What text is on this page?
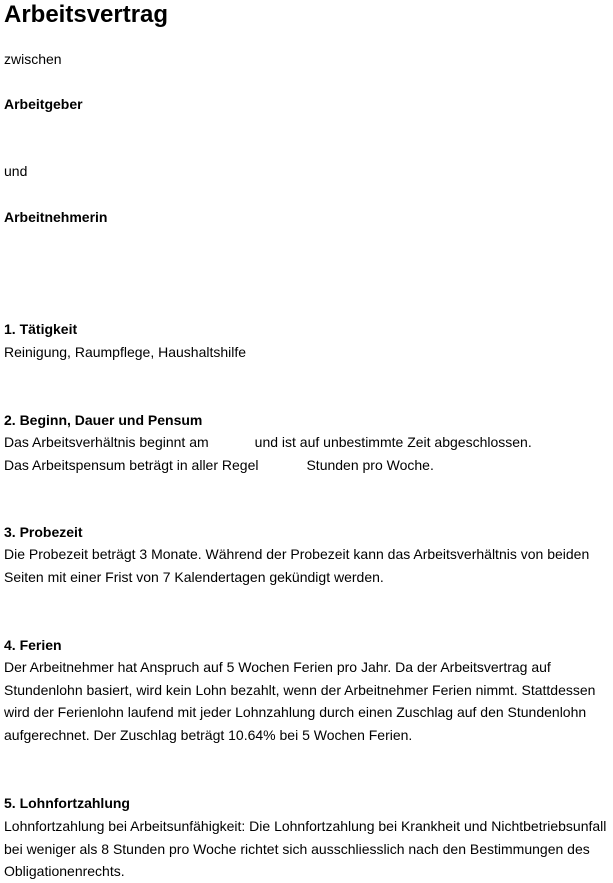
Arbeitsvertrag
zwischen
Arbeitgeber
und
Arbeitnehmerin
1. Tätigkeit
Reinigung, Raumpflege, Haushaltshilfe
2. Beginn, Dauer und Pensum
Das Arbeitsverhältnis beginnt am	und ist auf unbestimmte Zeit abgeschlossen.
Das Arbeitspensum beträgt in aller Regel	Stunden pro Woche.
3. Probezeit

Die Probezeit beträgt 3 Monate. Während der Probezeit kann das Arbeitsverhältnis von beiden Seiten mit einer Frist von 7 Kalendertagen gekündigt werden.

4. Ferien

Der Arbeitnehmer hat Anspruch auf 5 Wochen Ferien pro Jahr. Da der Arbeitsvertrag auf Stundenlohn basiert, wird kein Lohn bezahlt, wenn der Arbeitnehmer Ferien nimmt. Stattdessen wird der Ferienlohn laufend mit jeder Lohnzahlung durch einen Zuschlag auf den Stundenlohn aufgerechnet. Der Zuschlag beträgt 10.64% bei 5 Wochen Ferien.

5. Lohnfortzahlung

Lohnfortzahlung bei Arbeitsunfähigkeit: Die Lohnfortzahlung bei Krankheit und Nichtbetriebsunfall bei weniger als 8 Stunden pro Woche richtet sich ausschliesslich nach den Bestimmungen des Obligationenrechts.
